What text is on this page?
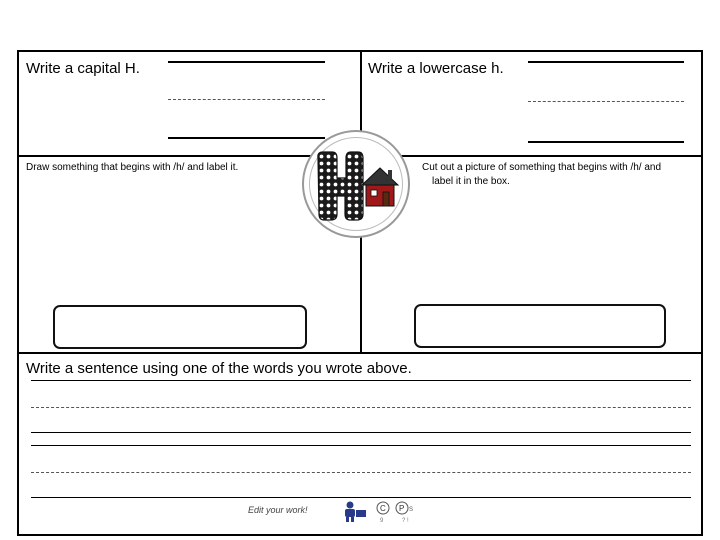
Write a capital H.	Write a lowercase h.
Draw something that begins with /h/ and label it.	Cut out a picture of something that begins with /h/ and
label it in the box.
Write a sentence using one of the words you wrote above.
Edit your work!	C
9
P S
? !
